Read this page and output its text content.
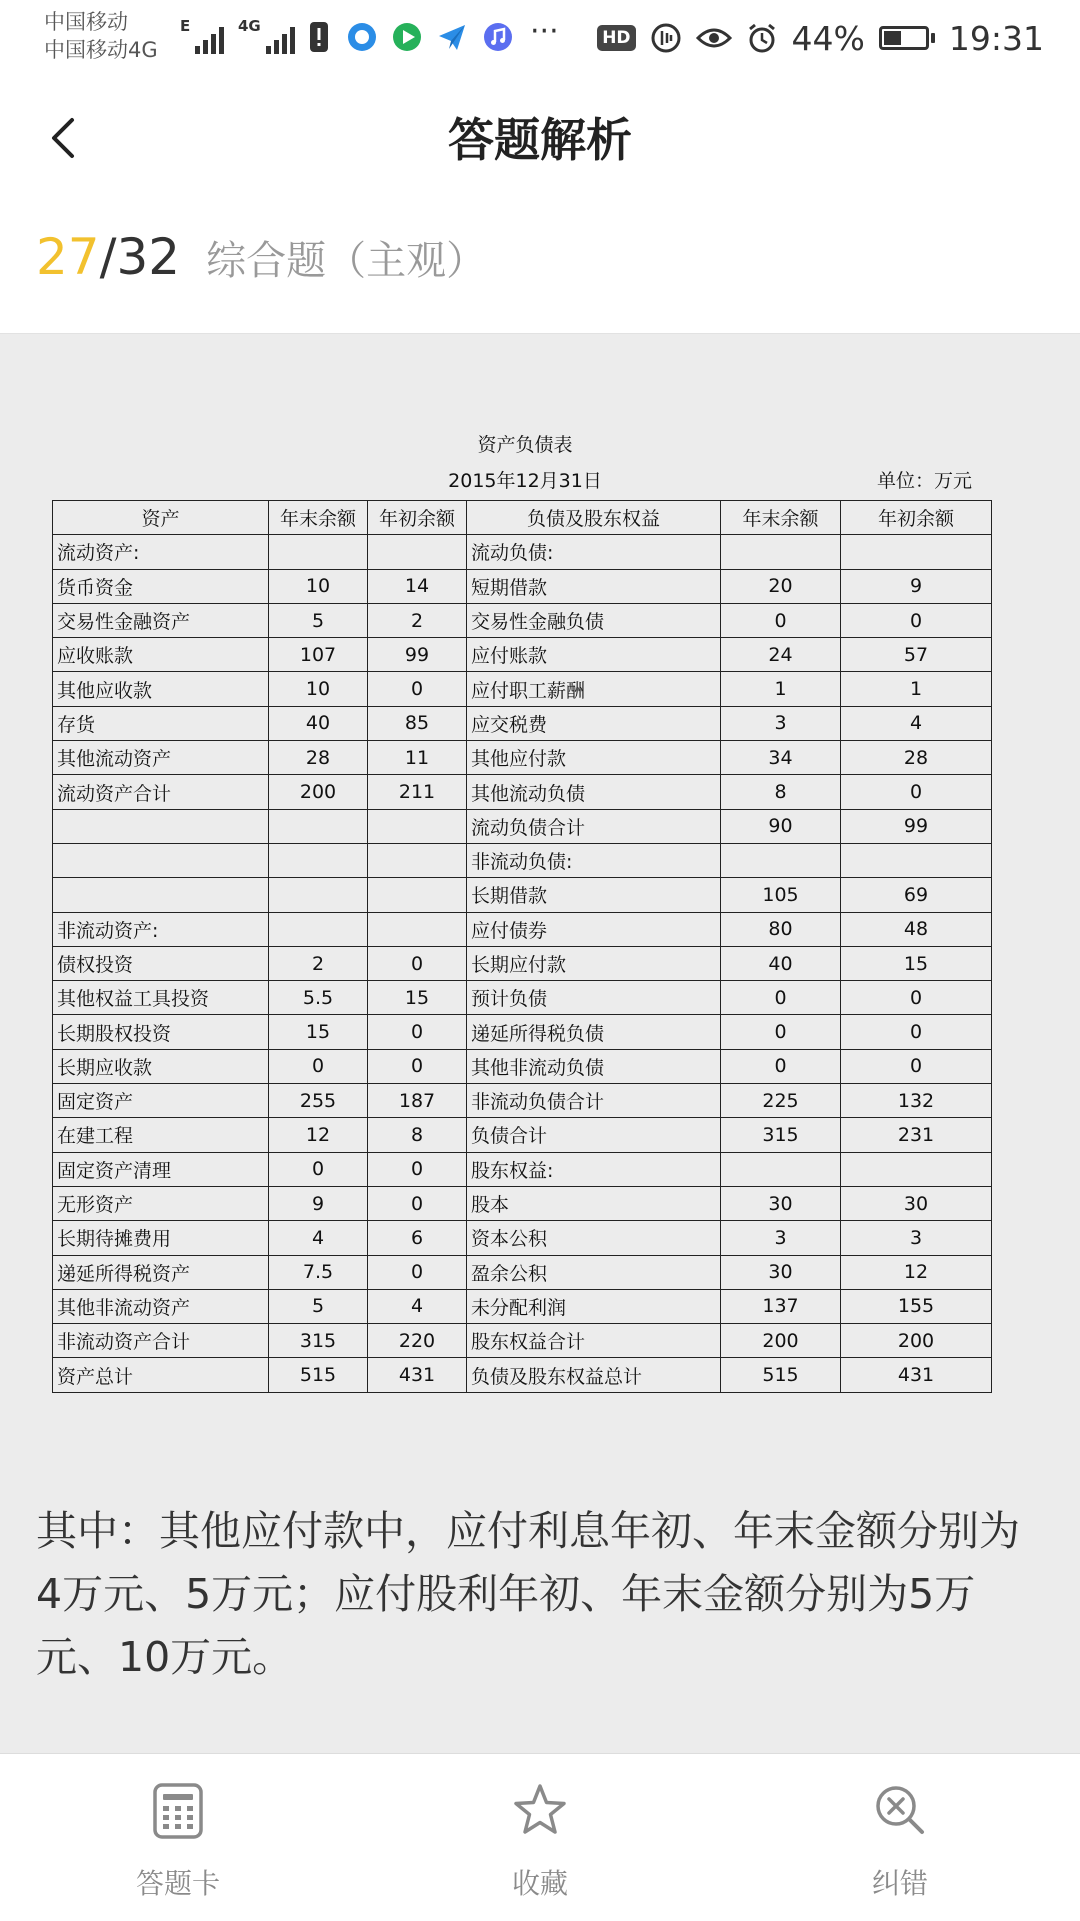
中国移动
中国移动4G
E	4G	···	HD	44%	19:31
答题解析
27 /32 综合题（主观）
资产负债表
2015年12月31日	单位：万元
资产	年末余额	年初余额	负债及股东权益	年末余额	年初余额
流动资产:			流动负债:		
货币资金	10	14	短期借款	20	9
交易性金融资产	5	2	交易性金融负债	0	0
应收账款	107	99	应付账款	24	57
其他应收款	10	0	应付职工薪酬	1	1
存货	40	85	应交税费	3	4
其他流动资产	28	11	其他应付款	34	28
流动资产合计	200	211	其他流动负债	8	0
			流动负债合计	90	99
			非流动负债:		
			长期借款	105	69
非流动资产:			应付债券	80	48
债权投资	2	0	长期应付款	40	15
其他权益工具投资	5.5	15	预计负债	0	0
长期股权投资	15	0	递延所得税负债	0	0
长期应收款	0	0	其他非流动负债	0	0
固定资产	255	187	非流动负债合计	225	132
在建工程	12	8	负债合计	315	231
固定资产清理	0	0	股东权益:		
无形资产	9	0	股本	30	30
长期待摊费用	4	6	资本公积	3	3
递延所得税资产	7.5	0	盈余公积	30	12
其他非流动资产	5	4	未分配利润	137	155
非流动资产合计	315	220	股东权益合计	200	200
资产总计	515	431	负债及股东权益总计	515	431
其中：其他应付款中，应付利息年初、年末金额分别为4万元、5万元；应付股利年初、年末金额分别为5万元、10万元。
答题卡	收藏	纠错
